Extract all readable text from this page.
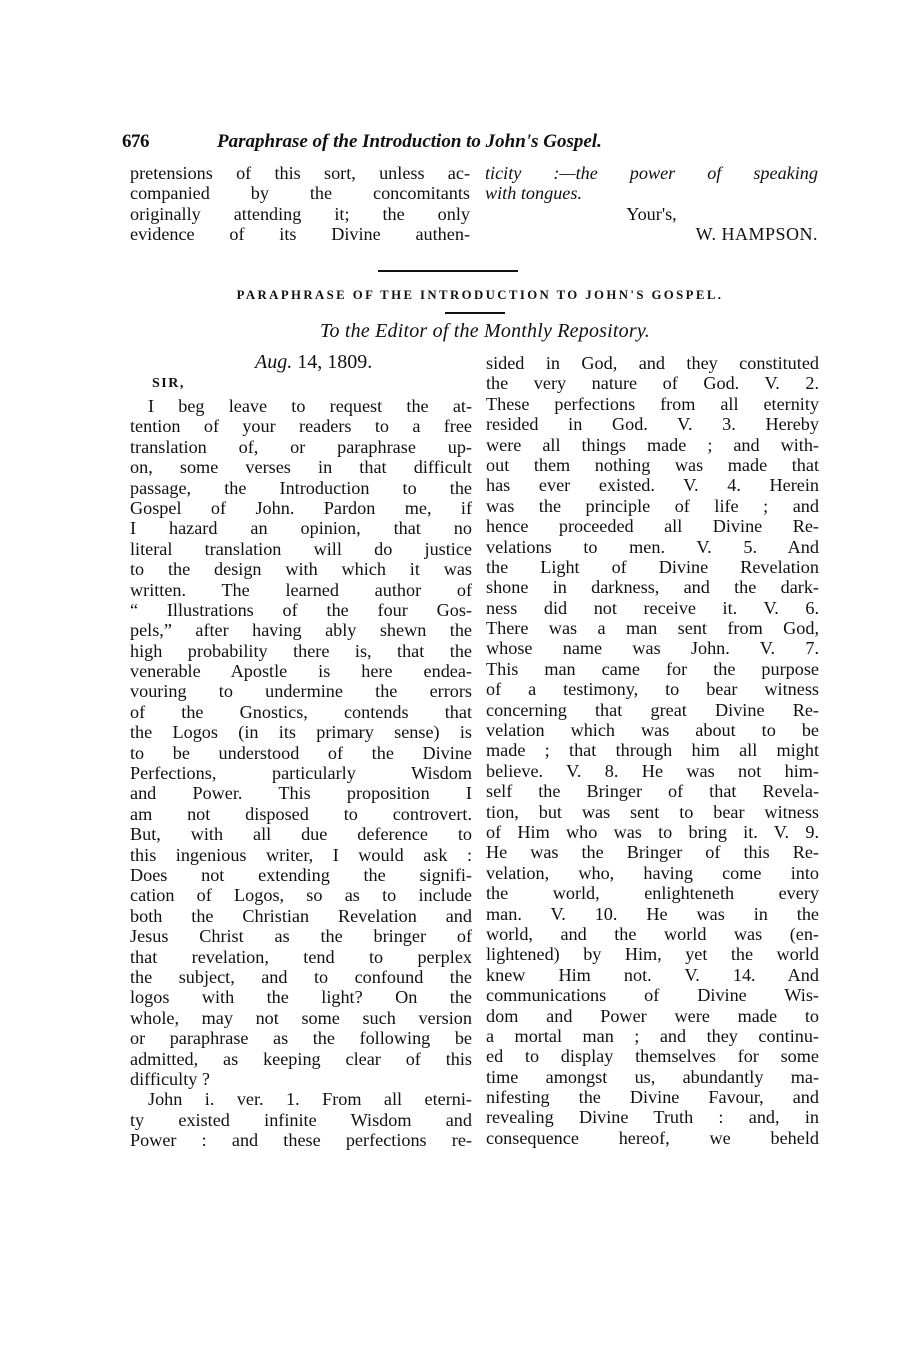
676	Paraphrase of the Introduction to John's Gospel.
pretensions of this sort, unless ac-
companied by the concomitants
originally attending it; the only
evidence of its Divine authen-
ticity :—the power of speaking
with tongues.
Your's,
W. HAMPSON.
PARAPHRASE OF THE INTRODUCTION TO JOHN'S GOSPEL.
To the Editor of the Monthly Repository.
Aug. 14, 1809.
SIR,
I beg leave to request the at-
tention of your readers to a free
translation of, or paraphrase up-
on, some verses in that difficult
passage, the Introduction to the
Gospel of John. Pardon me, if
I hazard an opinion, that no
literal translation will do justice
to the design with which it was
written. The learned author of
“ Illustrations of the four Gos-
pels,” after having ably shewn the
high probability there is, that the
venerable Apostle is here endea-
vouring to undermine the errors
of the Gnostics, contends that
the Logos (in its primary sense) is
to be understood of the Divine
Perfections, particularly Wisdom
and Power. This proposition I
am not disposed to controvert.
But, with all due deference to
this ingenious writer, I would ask :
Does not extending the signifi-
cation of Logos, so as to include
both the Christian Revelation and
Jesus Christ as the bringer of
that revelation, tend to perplex
the subject, and to confound the
logos with the light? On the
whole, may not some such version
or paraphrase as the following be
admitted, as keeping clear of this
difficulty ?
John i. ver. 1. From all eterni-
ty existed infinite Wisdom and
Power : and these perfections re-
sided in God, and they constituted
the very nature of God. V. 2.
These perfections from all eternity
resided in God. V. 3. Hereby
were all things made ; and with-
out them nothing was made that
has ever existed. V. 4. Herein
was the principle of life ; and
hence proceeded all Divine Re-
velations to men. V. 5. And
the Light of Divine Revelation
shone in darkness, and the dark-
ness did not receive it. V. 6.
There was a man sent from God,
whose name was John. V. 7.
This man came for the purpose
of a testimony, to bear witness
concerning that great Divine Re-
velation which was about to be
made ; that through him all might
believe. V. 8. He was not him-
self the Bringer of that Revela-
tion, but was sent to bear witness
of Him who was to bring it. V. 9.
He was the Bringer of this Re-
velation, who, having come into
the world, enlighteneth every
man. V. 10. He was in the
world, and the world was (en-
lightened) by Him, yet the world
knew Him not. V. 14. And
communications of Divine Wis-
dom and Power were made to
a mortal man ; and they continu-
ed to display themselves for some
time amongst us, abundantly ma-
nifesting the Divine Favour, and
revealing Divine Truth : and, in
consequence hereof, we beheld
